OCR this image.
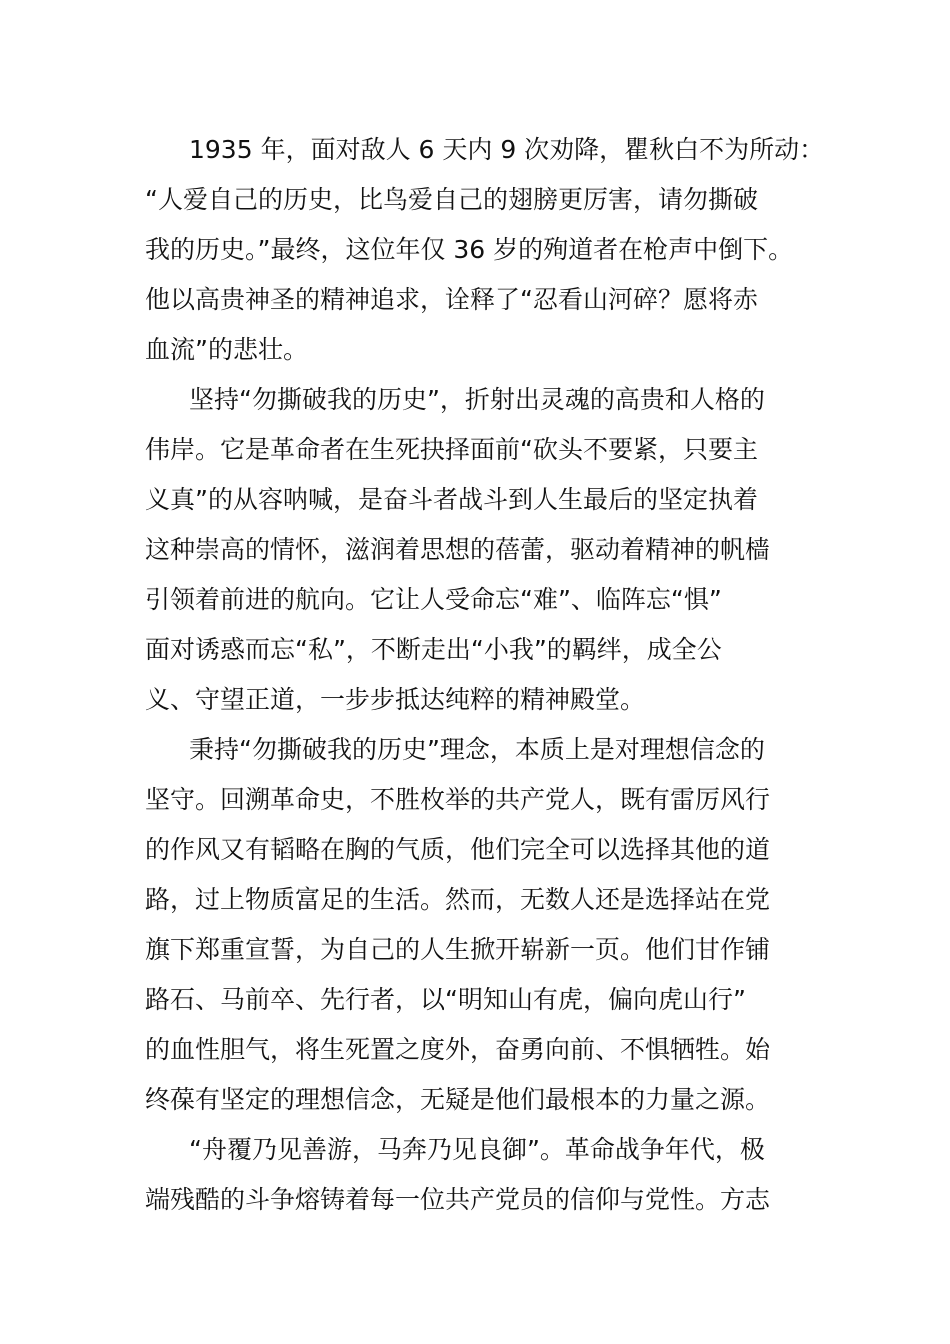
1935 年，面对敌人 6 天内 9 次劝降，瞿秋白不为所动：
“人爱自己的历史，比鸟爱自己的翅膀更厉害，请勿撕破
我的历史。”最终，这位年仅 36 岁的殉道者在枪声中倒下。
他以高贵神圣的精神追求，诠释了“忍看山河碎？愿将赤
血流”的悲壮。
坚持“勿撕破我的历史”，折射出灵魂的高贵和人格的
伟岸。它是革命者在生死抉择面前“砍头不要紧，只要主
义真”的从容呐喊，是奋斗者战斗到人生最后的坚定执着
这种崇高的情怀，滋润着思想的蓓蕾，驱动着精神的帆樯
引领着前进的航向。它让人受命忘“难”、临阵忘“惧”
面对诱惑而忘“私”，不断走出“小我”的羁绊，成全公
义、守望正道，一步步抵达纯粹的精神殿堂。
秉持“勿撕破我的历史”理念，本质上是对理想信念的
坚守。回溯革命史，不胜枚举的共产党人，既有雷厉风行
的作风又有韬略在胸的气质，他们完全可以选择其他的道
路，过上物质富足的生活。然而，无数人还是选择站在党
旗下郑重宣誓，为自己的人生掀开崭新一页。他们甘作铺
路石、马前卒、先行者，以“明知山有虎，偏向虎山行”
的血性胆气，将生死置之度外，奋勇向前、不惧牺牲。始
终葆有坚定的理想信念，无疑是他们最根本的力量之源。
“舟覆乃见善游，马奔乃见良御”。革命战争年代，极
端残酷的斗争熔铸着每一位共产党员的信仰与党性。方志
